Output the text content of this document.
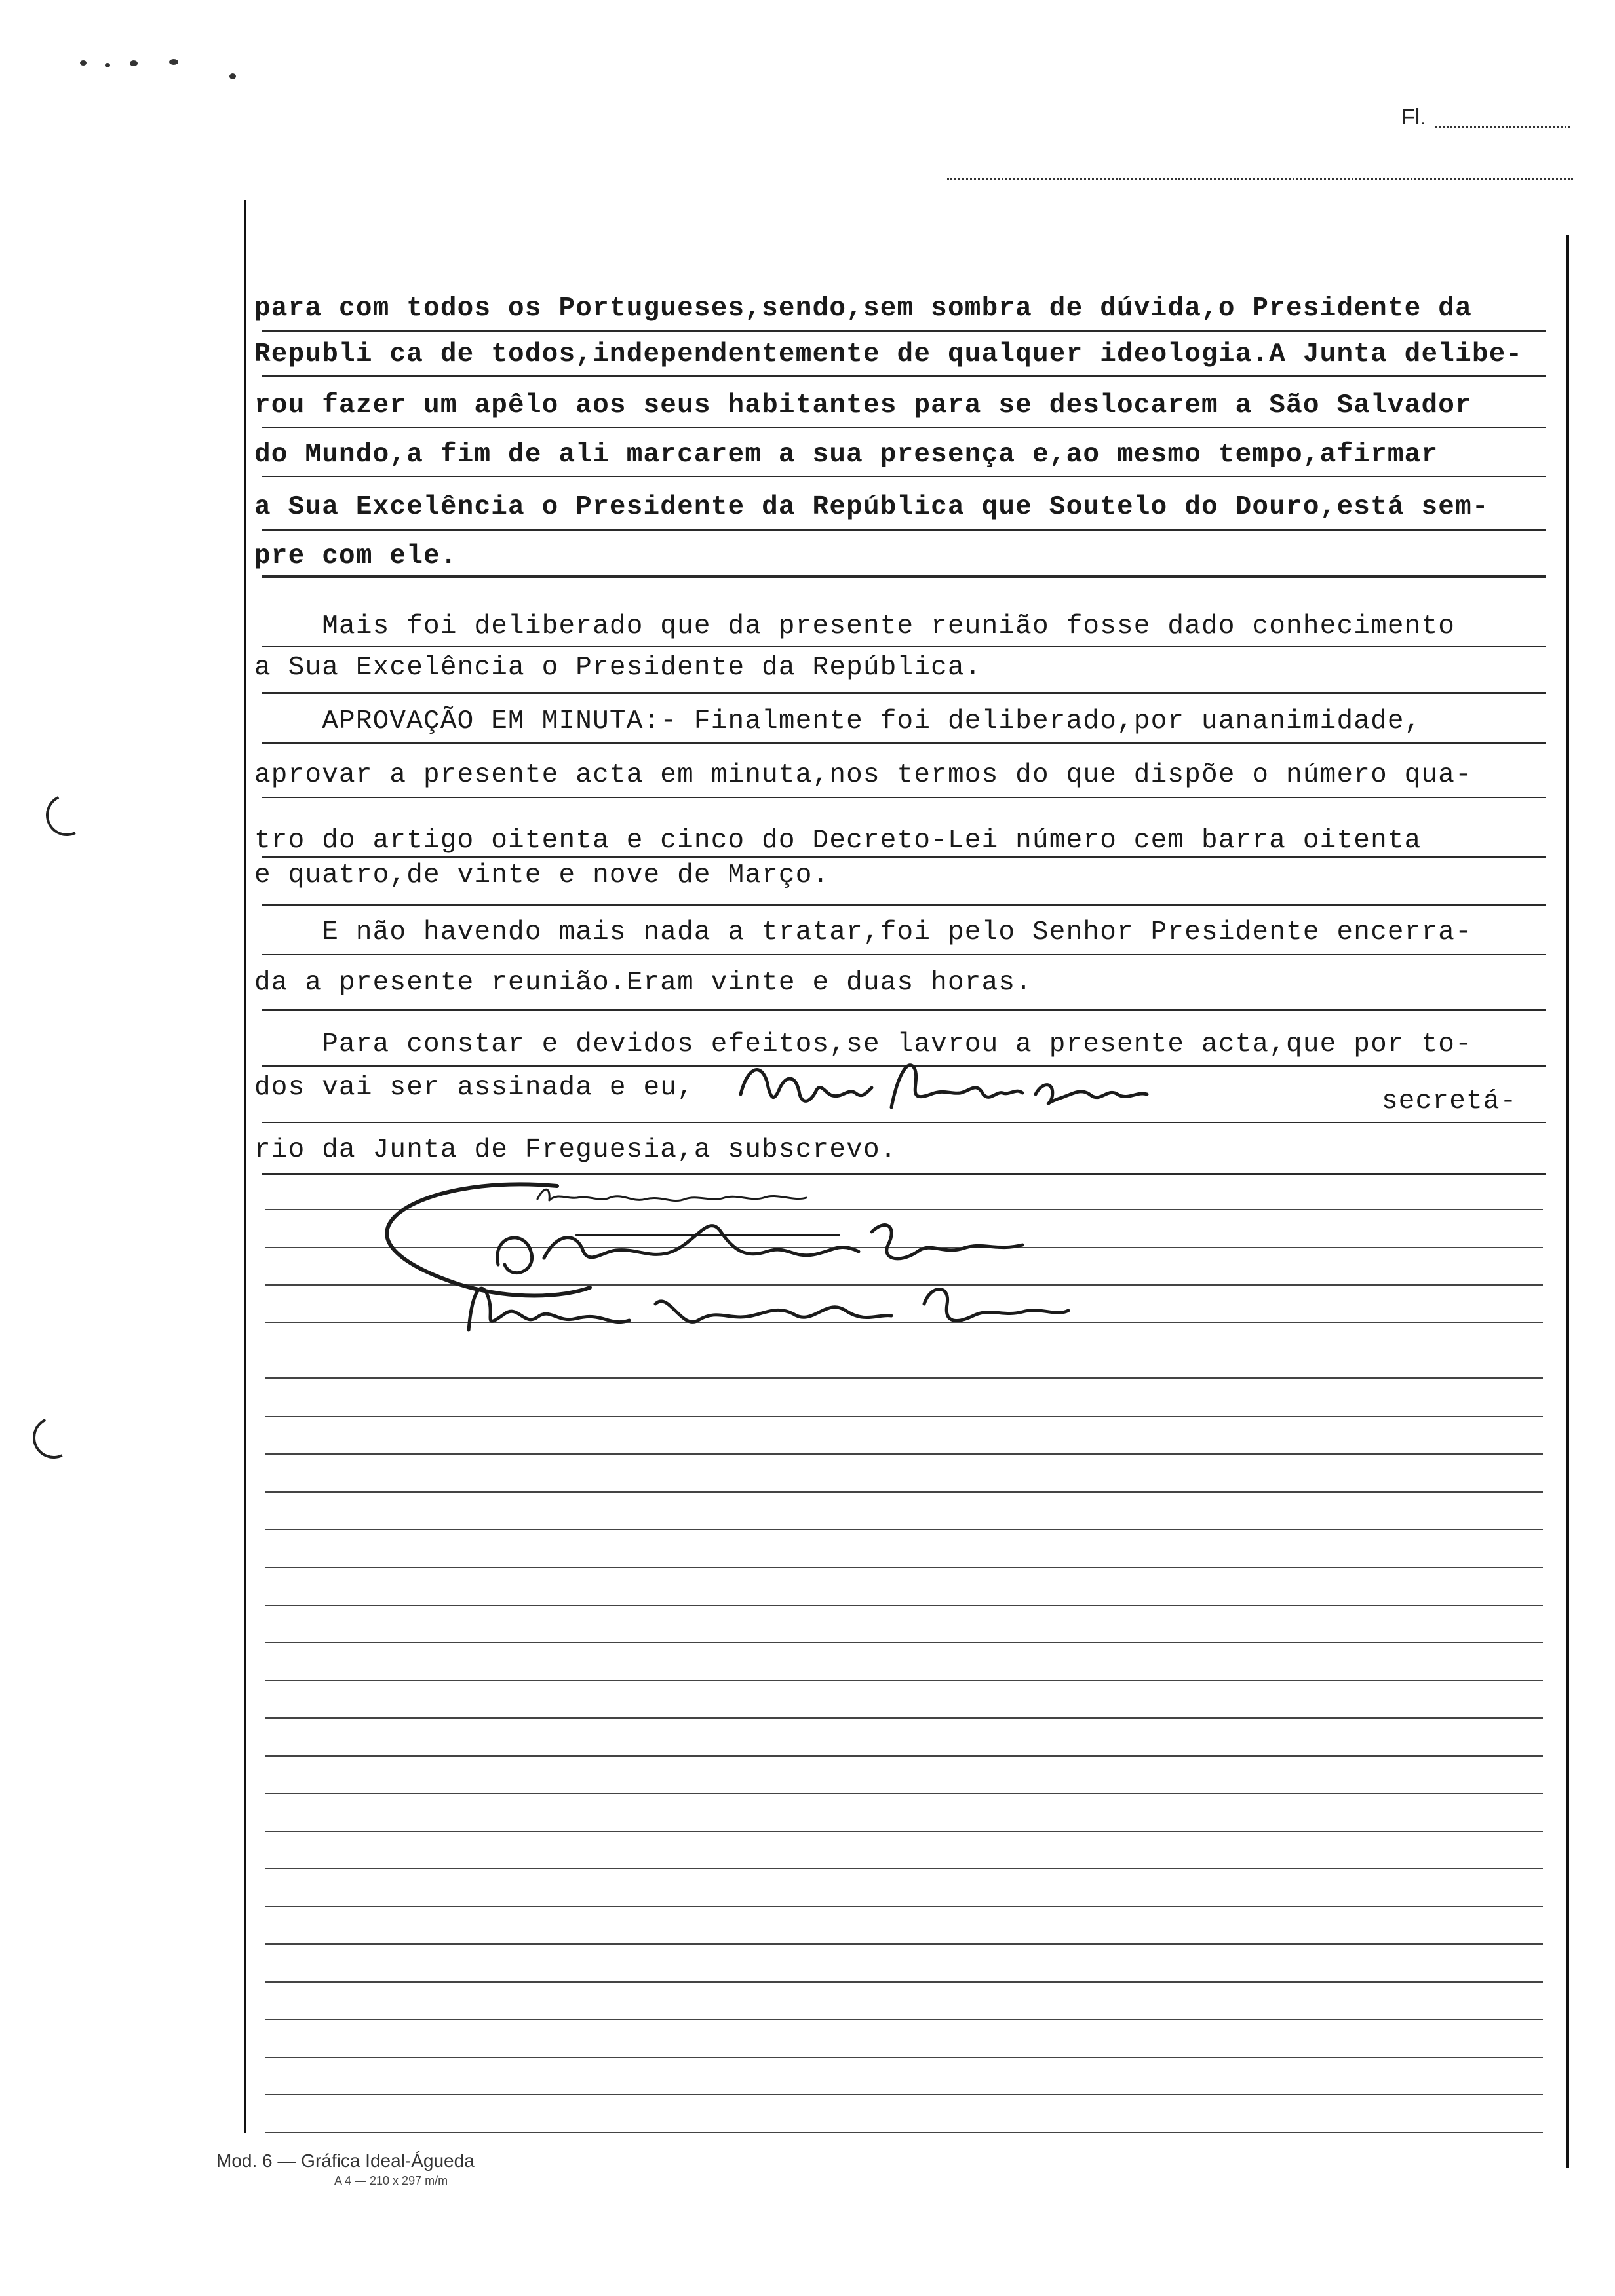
Fl.
para com todos os Portugueses,sendo,sem sombra de dúvida,o Presidente da
Republi ca de todos,independentemente de qualquer ideologia.A Junta delibe-
rou fazer um apêlo aos seus habitantes para se deslocarem a São Salvador
do Mundo,a fim de ali marcarem a sua presença e,ao mesmo tempo,afirmar
a Sua Excelência o Presidente da República que Soutelo do Douro,está sem-
pre com ele.
Mais foi deliberado que da presente reunião fosse dado conhecimento
a Sua Excelência o Presidente da República.
APROVAÇÃO EM MINUTA:- Finalmente foi deliberado,por uananimidade,
aprovar a presente acta em minuta,nos termos do que dispõe o número qua-
tro do artigo oitenta e cinco do Decreto-Lei número cem barra oitenta
e quatro,de vinte e nove de Março.
E não havendo mais nada a tratar,foi pelo Senhor Presidente encerra-
da a presente reunião.Eram vinte e duas horas.
Para constar e devidos efeitos,se lavrou a presente acta,que por to-
dos vai ser assinada e eu,	secretá-
rio da Junta de Freguesia,a subscrevo.
Mod. 6 — Gráfica Ideal-Águeda
A 4 — 210 x 297 m/m
